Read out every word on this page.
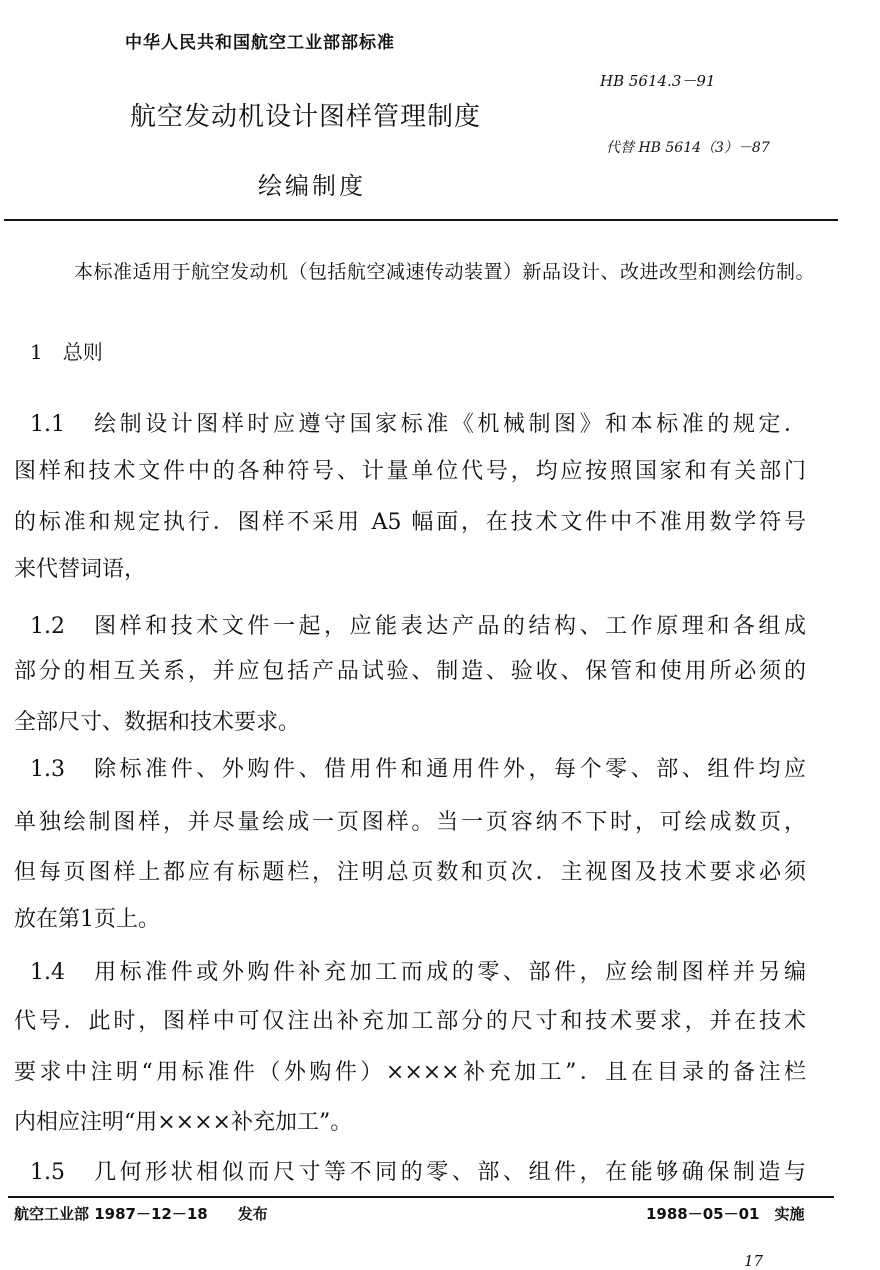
中华人民共和国航空工业部部标准
HB 5614.3－91
航空发动机设计图样管理制度
代替 HB 5614（3）－87
绘编制度
本标准适用于航空发动机（包括航空减速传动装置）新品设计、改进改型和测绘仿制。
1　总则
1.1　绘制设计图样时应遵守国家标准《机械制图》和本标准的规定．
图样和技术文件中的各种符号、计量单位代号，均应按照国家和有关部门
的标准和规定执行．图样不采用 A5 幅面，在技术文件中不准用数学符号
来代替词语，
1.2　图样和技术文件一起，应能表达产品的结构、工作原理和各组成
部分的相互关系，并应包括产品试验、制造、验收、保管和使用所必须的
全部尺寸、数据和技术要求。
1.3　除标准件、外购件、借用件和通用件外，每个零、部、组件均应
单独绘制图样，并尽量绘成一页图样。当一页容纳不下时，可绘成数页，
但每页图样上都应有标题栏，注明总页数和页次．主视图及技术要求必须
放在第1页上。
1.4　用标准件或外购件补充加工而成的零、部件，应绘制图样并另编
代号．此时，图样中可仅注出补充加工部分的尺寸和技术要求，并在技术
要求中注明“用标准件（外购件）××××补充加工”．且在目录的备注栏
内相应注明“用××××补充加工”。
1.5　几何形状相似而尺寸等不同的零、部、组件，在能够确保制造与
航空工业部 1987－12－18　　发布	1988－05－01　实施
17
